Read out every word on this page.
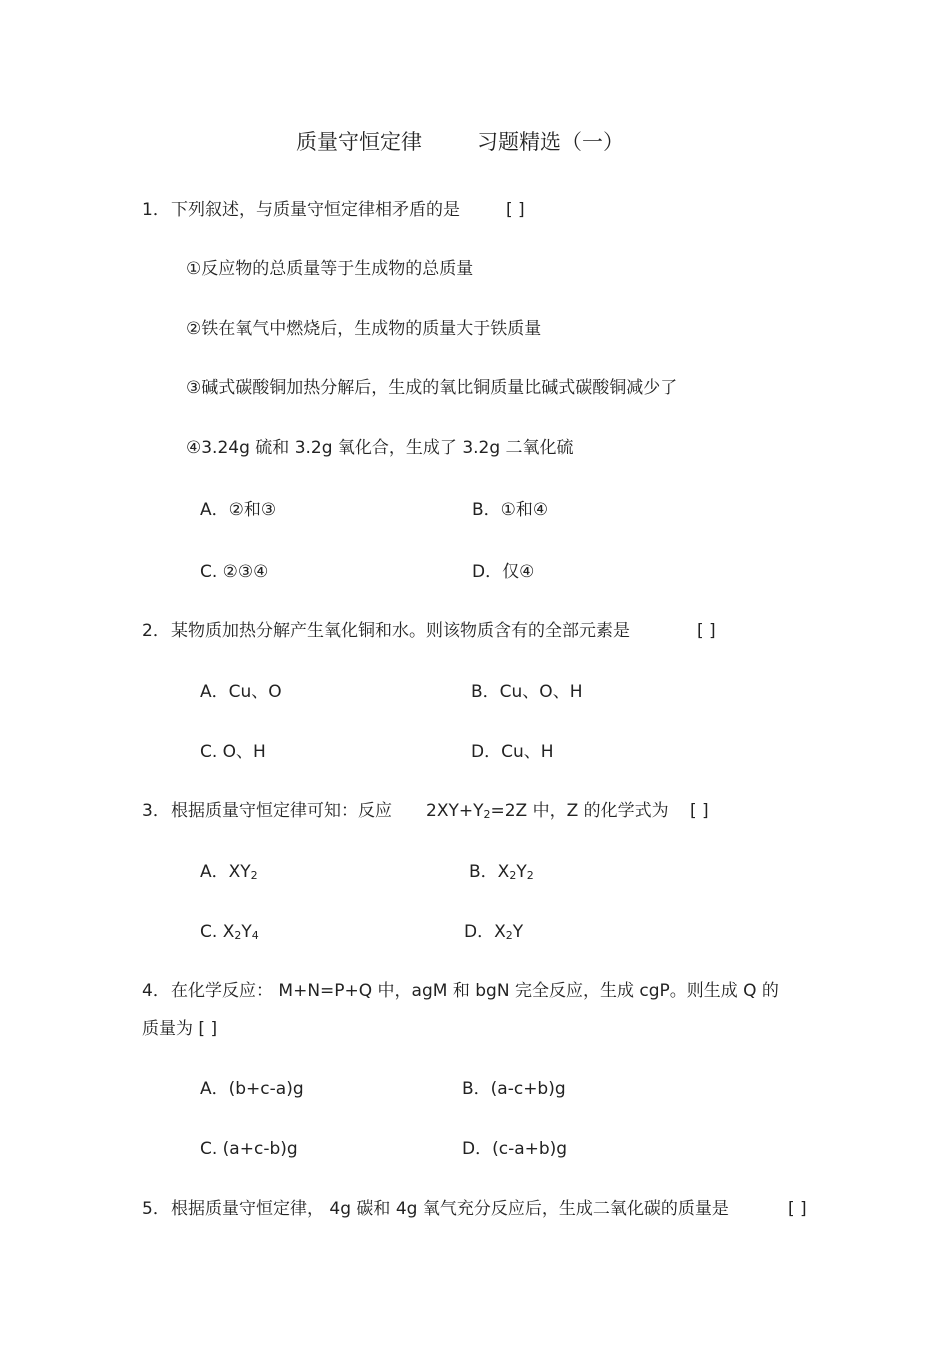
质量守恒定律	习题精选（一）
1． 下列叙述，与质量守恒定律相矛盾的是	[ ]
①反应物的总质量等于生成物的总质量
②铁在氧气中燃烧后，生成物的质量大于铁质量
③碱式碳酸铜加热分解后，生成的氧比铜质量比碱式碳酸铜减少了
④3.24g 硫和 3.2g 氧化合，生成了 3.2g 二氧化硫
A．②和③	B．①和④
C. ②③④	D．仅④
2． 某物质加热分解产生氧化铜和水。则该物质含有的全部元素是	[ ]
A．Cu、O	B．Cu、O、H
C. O、H	D．Cu、H
3． 根据质量守恒定律可知：反应 $2XY+Y_2=2Z$ 中，Z 的化学式为 [ ]
A．$XY_2$	B．$X_2Y_2$
C. $X_2Y_4$	D．$X_2Y$
4． 在化学反应： M+N=P+Q 中，agM 和 bgN 完全反应，生成 cgP。则生成 Q 的
质量为 [ ]
A．(b+c-a)g	B．(a-c+b)g
C. (a+c-b)g	D．(c-a+b)g
5． 根据质量守恒定律， 4g 碳和 4g 氧气充分反应后，生成二氧化碳的质量是	[ ]
